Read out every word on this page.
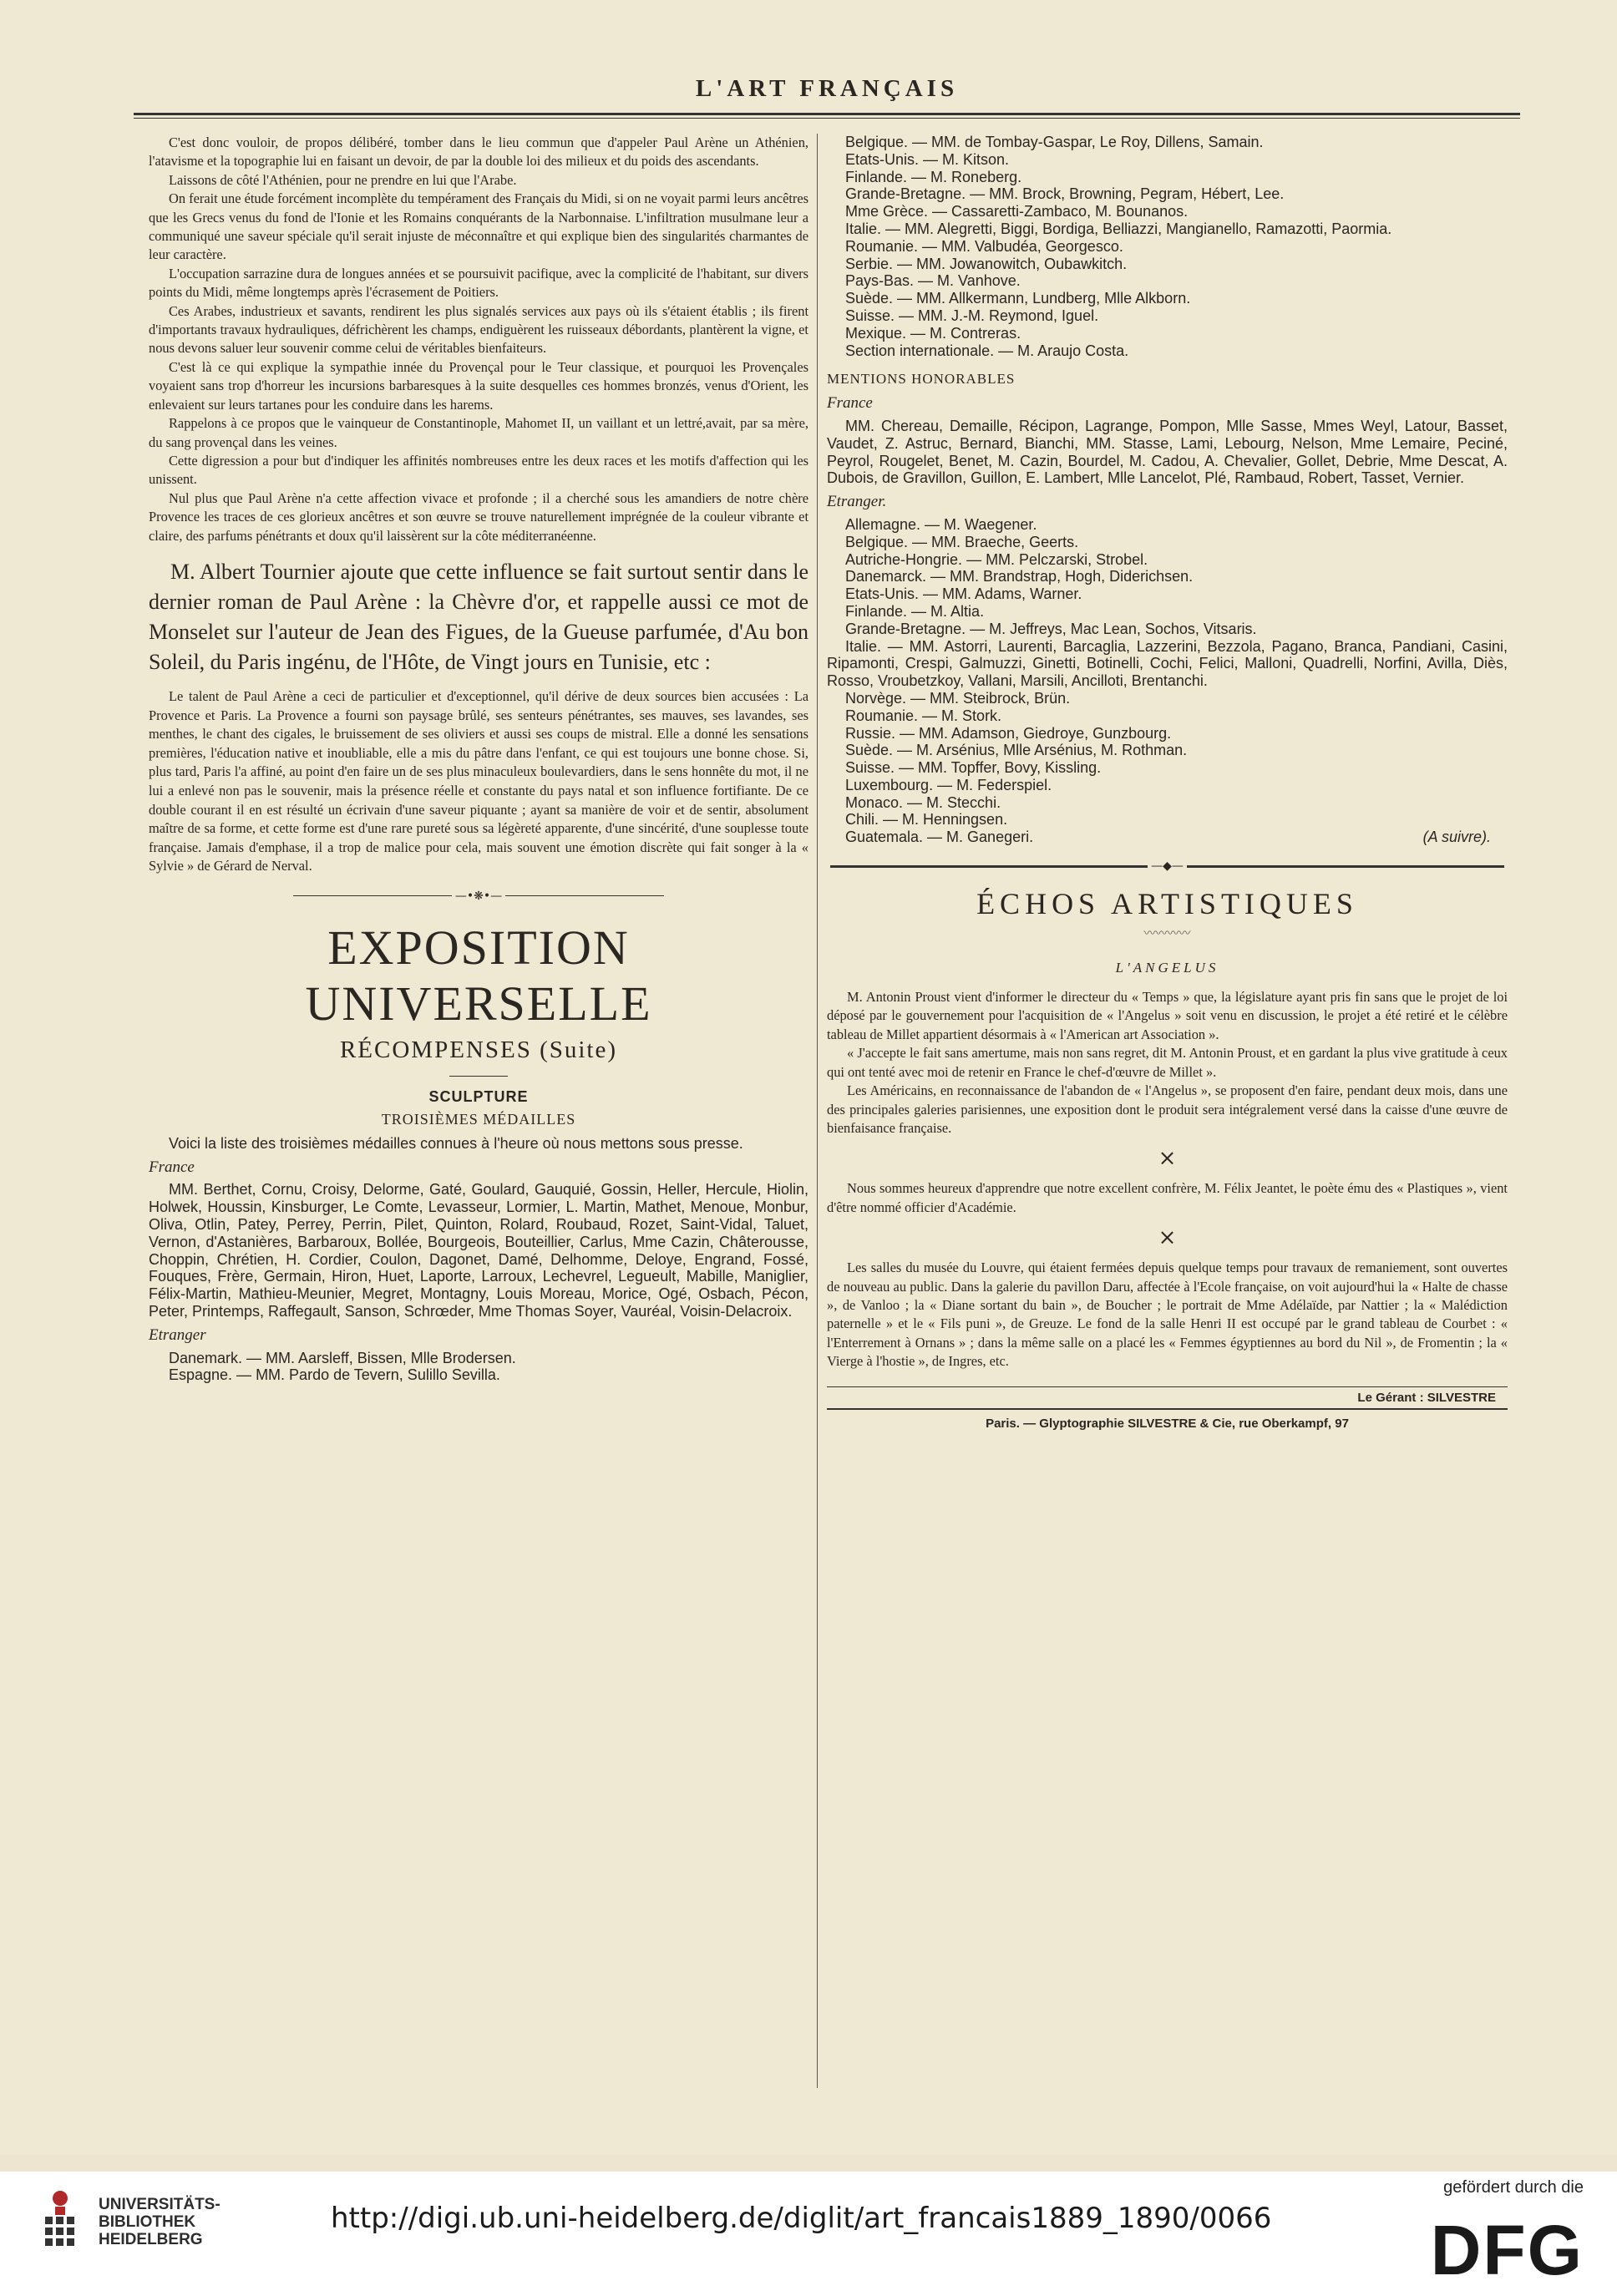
L'ART FRANÇAIS

C'est donc vouloir, de propos délibéré, tomber dans le lieu commun que d'appeler Paul Arène un Athénien, l'atavisme et la topographie lui en faisant un devoir, de par la double loi des milieux et du poids des ascendants.

Laissons de côté l'Athénien, pour ne prendre en lui que l'Arabe.

On ferait une étude forcément incomplète du tempérament des Français du Midi, si on ne voyait parmi leurs ancêtres que les Grecs venus du fond de l'Ionie et les Romains conquérants de la Narbonnaise. L'infiltration musulmane leur a communiqué une saveur spéciale qu'il serait injuste de méconnaître et qui explique bien des singularités charmantes de leur caractère.

L'occupation sarrazine dura de longues années et se poursuivit pacifique, avec la complicité de l'habitant, sur divers points du Midi, même longtemps après l'écrasement de Poitiers.

Ces Arabes, industrieux et savants, rendirent les plus signalés services aux pays où ils s'étaient établis ; ils firent d'importants travaux hydrauliques, défrichèrent les champs, endiguèrent les ruisseaux débordants, plantèrent la vigne, et nous devons saluer leur souvenir comme celui de véritables bienfaiteurs.

C'est là ce qui explique la sympathie innée du Provençal pour le Teur classique, et pourquoi les Provençales voyaient sans trop d'horreur les incursions barbaresques à la suite desquelles ces hommes bronzés, venus d'Orient, les enlevaient sur leurs tartanes pour les conduire dans les harems.

Rappelons à ce propos que le vainqueur de Constantinople, Mahomet II, un vaillant et un lettré,avait, par sa mère, du sang provençal dans les veines.

Cette digression a pour but d'indiquer les affinités nombreuses entre les deux races et les motifs d'affection qui les unissent.

Nul plus que Paul Arène n'a cette affection vivace et profonde ; il a cherché sous les amandiers de notre chère Provence les traces de ces glorieux ancêtres et son œuvre se trouve naturellement imprégnée de la couleur vibrante et claire, des parfums pénétrants et doux qu'il laissèrent sur la côte méditerranéenne.

M. Albert Tournier ajoute que cette influence se fait surtout sentir dans le dernier roman de Paul Arène : la Chèvre d'or, et rappelle aussi ce mot de Monselet sur l'auteur de Jean des Figues, de la Gueuse parfumée, d'Au bon Soleil, du Paris ingénu, de l'Hôte, de Vingt jours en Tunisie, etc :

Le talent de Paul Arène a ceci de particulier et d'exceptionnel, qu'il dérive de deux sources bien accusées : La Provence et Paris. La Provence a fourni son paysage brûlé, ses senteurs pénétrantes, ses mauves, ses lavandes, ses menthes, le chant des cigales, le bruissement de ses oliviers et aussi ses coups de mistral. Elle a donné les sensations premières, l'éducation native et inoubliable, elle a mis du pâtre dans l'enfant, ce qui est toujours une bonne chose. Si, plus tard, Paris l'a affiné, au point d'en faire un de ses plus minaculeux boulevardiers, dans le sens honnête du mot, il ne lui a enlevé non pas le souvenir, mais la présence réelle et constante du pays natal et son influence fortifiante. De ce double courant il en est résulté un écrivain d'une saveur piquante ; ayant sa manière de voir et de sentir, absolument maître de sa forme, et cette forme est d'une rare pureté sous sa légèreté apparente, d'une sincérité, d'une souplesse toute française. Jamais d'emphase, il a trop de malice pour cela, mais souvent une émotion discrète qui fait songer à la « Sylvie » de Gérard de Nerval.

—•❋•—
EXPOSITION UNIVERSELLE
RÉCOMPENSES (Suite)
SCULPTURE
TROISIÈMES MÉDAILLES
Voici la liste des troisièmes médailles connues à l'heure où nous mettons sous presse.
France
MM. Berthet, Cornu, Croisy, Delorme, Gaté, Goulard, Gauquié, Gossin, Heller, Hercule, Hiolin, Holwek, Houssin, Kinsburger, Le Comte, Levasseur, Lormier, L. Martin, Mathet, Menoue, Monbur, Oliva, Otlin, Patey, Perrey, Perrin, Pilet, Quinton, Rolard, Roubaud, Rozet, Saint-Vidal, Taluet, Vernon, d'Astanières, Barbaroux, Bollée, Bourgeois, Bouteillier, Carlus, Mme Cazin, Châterousse, Choppin, Chrétien, H. Cordier, Coulon, Dagonet, Damé, Delhomme, Deloye, Engrand, Fossé, Fouques, Frère, Germain, Hiron, Huet, Laporte, Larroux, Lechevrel, Legueult, Mabille, Maniglier, Félix-Martin, Mathieu-Meunier, Megret, Montagny, Louis Moreau, Morice, Ogé, Osbach, Pécon, Peter, Printemps, Raffegault, Sanson, Schrœder, Mme Thomas Soyer, Vauréal, Voisin-Delacroix.
Etranger
Danemark. — MM. Aarsleff, Bissen, Mlle Brodersen.
Espagne. — MM. Pardo de Tevern, Sulillo Sevilla.
Belgique. — MM. de Tombay-Gaspar, Le Roy, Dillens, Samain.
Etats-Unis. — M. Kitson.
Finlande. — M. Roneberg.
Grande-Bretagne. — MM. Brock, Browning, Pegram, Hébert, Lee.
Mme Grèce. — Cassaretti-Zambaco, M. Bounanos.
Italie. — MM. Alegretti, Biggi, Bordiga, Belliazzi, Mangianello, Ramazotti, Paormia.
Roumanie. — MM. Valbudéa, Georgesco.
Serbie. — MM. Jowanowitch, Oubawkitch.
Pays-Bas. — M. Vanhove.
Suède. — MM. Allkermann, Lundberg, Mlle Alkborn.
Suisse. — MM. J.-M. Reymond, Iguel.
Mexique. — M. Contreras.
Section internationale. — M. Araujo Costa.
MENTIONS HONORABLES
France
MM. Chereau, Demaille, Récipon, Lagrange, Pompon, Mlle Sasse, Mmes Weyl, Latour, Basset, Vaudet, Z. Astruc, Bernard, Bianchi, MM. Stasse, Lami, Lebourg, Nelson, Mme Lemaire, Peciné, Peyrol, Rougelet, Benet, M. Cazin, Bourdel, M. Cadou, A. Chevalier, Gollet, Debrie, Mme Descat, A. Dubois, de Gravillon, Guillon, E. Lambert, Mlle Lancelot, Plé, Rambaud, Robert, Tasset, Vernier.
Etranger.
Allemagne. — M. Waegener.
Belgique. — MM. Braeche, Geerts.
Autriche-Hongrie. — MM. Pelczarski, Strobel.
Danemarck. — MM. Brandstrap, Hogh, Diderichsen.
Etats-Unis. — MM. Adams, Warner.
Finlande. — M. Altia.
Grande-Bretagne. — M. Jeffreys, Mac Lean, Sochos, Vitsaris.
Italie. — MM. Astorri, Laurenti, Barcaglia, Lazzerini, Bezzola, Pagano, Branca, Pandiani, Casini, Ripamonti, Crespi, Galmuzzi, Ginetti, Botinelli, Cochi, Felici, Malloni, Quadrelli, Norfini, Avilla, Diès, Rosso, Vroubetzkoy, Vallani, Marsili, Ancilloti, Brentanchi.
Norvège. — MM. Steibrock, Brün.
Roumanie. — M. Stork.
Russie. — MM. Adamson, Giedroye, Gunzbourg.
Suède. — M. Arsénius, Mlle Arsénius, M. Rothman.
Suisse. — MM. Topffer, Bovy, Kissling.
Luxembourg. — M. Federspiel.
Monaco. — M. Stecchi.
Chili. — M. Henningsen.
Guatemala. — M. Ganegeri.	(A suivre).
—◆—
ÉCHOS ARTISTIQUES
〰〰〰〰
L'ANGELUS

M. Antonin Proust vient d'informer le directeur du « Temps » que, la législature ayant pris fin sans que le projet de loi déposé par le gouvernement pour l'acquisition de « l'Angelus » soit venu en discussion, le projet a été retiré et le célèbre tableau de Millet appartient désormais à « l'American art Association ».

« J'accepte le fait sans amertume, mais non sans regret, dit M. Antonin Proust, et en gardant la plus vive gratitude à ceux qui ont tenté avec moi de retenir en France le chef-d'œuvre de Millet ».

Les Américains, en reconnaissance de l'abandon de « l'Angelus », se proposent d'en faire, pendant deux mois, dans une des principales galeries parisiennes, une exposition dont le produit sera intégralement versé dans la caisse d'une œuvre de bienfaisance française.

×

Nous sommes heureux d'apprendre que notre excellent confrère, M. Félix Jeantet, le poète ému des « Plastiques », vient d'être nommé officier d'Académie.

×

Les salles du musée du Louvre, qui étaient fermées depuis quelque temps pour travaux de remaniement, sont ouvertes de nouveau au public. Dans la galerie du pavillon Daru, affectée à l'Ecole française, on voit aujourd'hui la « Halte de chasse », de Vanloo ; la « Diane sortant du bain », de Boucher ; le portrait de Mme Adélaïde, par Nattier ; la « Malédiction paternelle » et le « Fils puni », de Greuze. Le fond de la salle Henri II est occupé par le grand tableau de Courbet : « l'Enterrement à Ornans » ; dans la même salle on a placé les « Femmes égyptiennes au bord du Nil », de Fromentin ; la « Vierge à l'hostie », de Ingres, etc.

Le Gérant : SILVESTRE
Paris. — Glyptographie SILVESTRE & Cie, rue Oberkampf, 97
UNIVERSITÄTS-
BIBLIOTHEK
HEIDELBERG
http://digi.ub.uni-heidelberg.de/diglit/art_francais1889_1890/0066
gefördert durch die
DFG
